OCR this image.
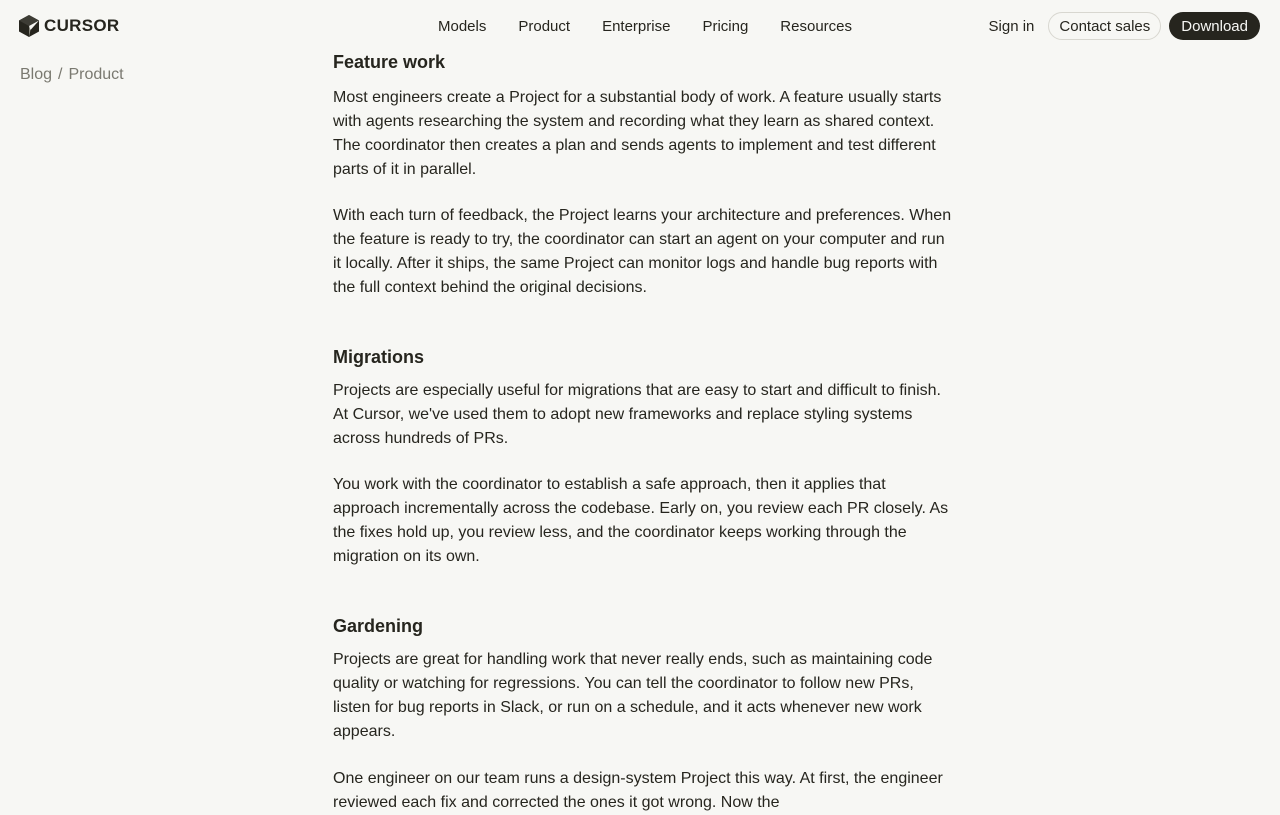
CURSOR	Models	Product	Enterprise	Pricing	Resources	Sign in	Contact sales	Download
Blog / Product
Feature work

Most engineers create a Project for a substantial body of work. A feature usually starts with agents researching the system and recording what they learn as shared context. The coordinator then creates a plan and sends agents to implement and test different parts of it in parallel.

With each turn of feedback, the Project learns your architecture and preferences. When the feature is ready to try, the coordinator can start an agent on your computer and run it locally. After it ships, the same Project can monitor logs and handle bug reports with the full context behind the original decisions.

Migrations

Projects are especially useful for migrations that are easy to start and difficult to finish. At Cursor, we've used them to adopt new frameworks and replace styling systems across hundreds of PRs.

You work with the coordinator to establish a safe approach, then it applies that approach incrementally across the codebase. Early on, you review each PR closely. As the fixes hold up, you review less, and the coordinator keeps working through the migration on its own.

Gardening

Projects are great for handling work that never really ends, such as maintaining code quality or watching for regressions. You can tell the coordinator to follow new PRs, listen for bug reports in Slack, or run on a schedule, and it acts whenever new work appears.

One engineer on our team runs a design-system Project this way. At first, the engineer reviewed each fix and corrected the ones it got wrong. Now the
